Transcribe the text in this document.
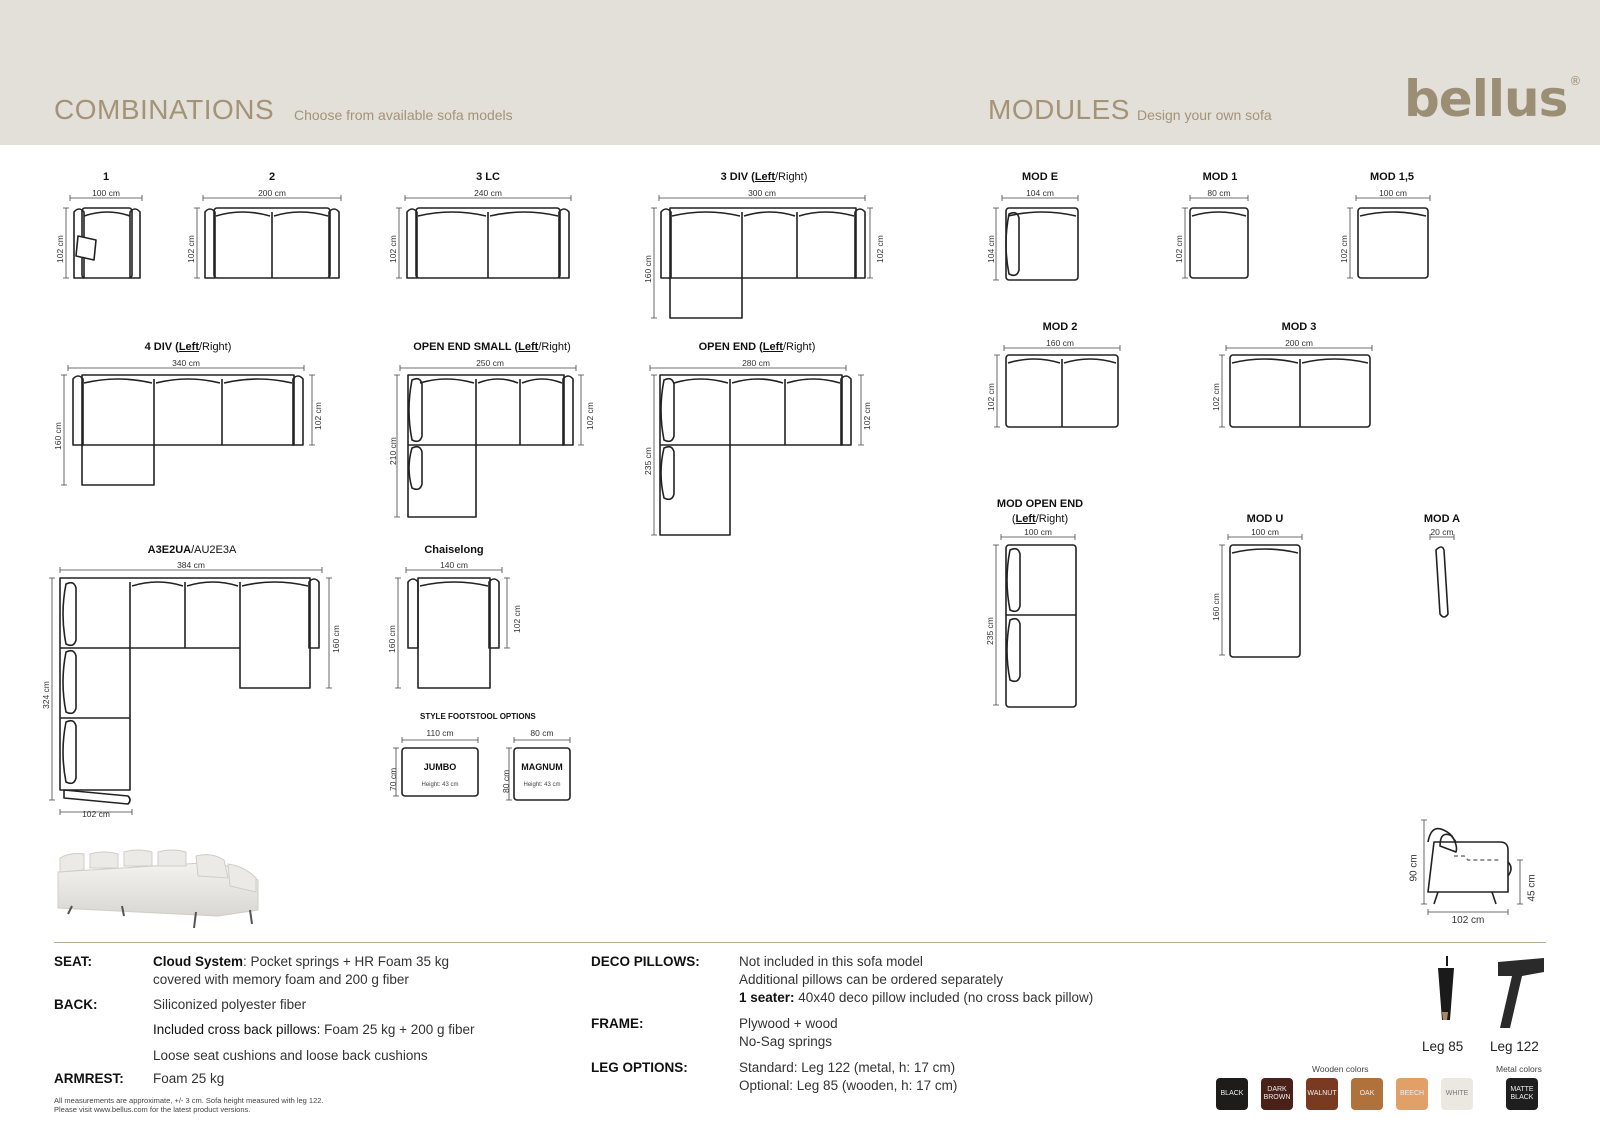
COMBINATIONS Choose from available sofa models	MODULES Design your own sofa	bellus ®
1
100 cm
102 cm
2
200 cm
102 cm
3 LC
240 cm
102 cm
3 DIV (Left/Right)
300 cm
160 cm
102 cm
4 DIV (Left/Right)
340 cm
160 cm
102 cm
OPEN END SMALL (Left/Right)
250 cm
210 cm
102 cm
OPEN END (Left/Right)
280 cm
235 cm
102 cm
A3E2UA/AU2E3A
384 cm
324 cm
160 cm
102 cm
Chaiselong
140 cm
160 cm
102 cm
STYLE FOOTSTOOL OPTIONS
110 cm	80 cm
70 cm	80 cm
JUMBO
Height: 43 cm
MAGNUM
Height: 43 cm
MOD E
104 cm
104 cm
MOD 1
80 cm
102 cm
MOD 1,5
100 cm
102 cm
MOD 2
160 cm
102 cm
MOD 3
200 cm
102 cm
MOD OPEN END
(Left/Right)
100 cm
235 cm
MOD U
100 cm
160 cm
MOD A
20 cm
90 cm
45 cm
102 cm
SEAT:	Cloud System: Pocket springs + HR Foam 35 kg
covered with memory foam and 200 g fiber
BACK:	Siliconized polyester fiber
Included cross back pillows: Foam 25 kg + 200 g fiber
Loose seat cushions and loose back cushions
ARMREST: Foam 25 kg
DECO PILLOWS:	Not included in this sofa model
Additional pillows can be ordered separately
1 seater: 40x40 deco pillow included (no cross back pillow)
FRAME:	Plywood + wood
No-Sag springs
LEG OPTIONS:	Standard: Leg 122 (metal, h: 17 cm)
Optional: Leg 85 (wooden, h: 17 cm)
All measurements are approximate, +/- 3 cm. Sofa height measured with leg 122.
Please visit www.bellus.com for the latest product versions.
Leg 85 Leg 122
Wooden colors	Metal colors
BLACK
DARK BROWN
WALNUT	OAK	BEECH	WHITE
MATTE BLACK
